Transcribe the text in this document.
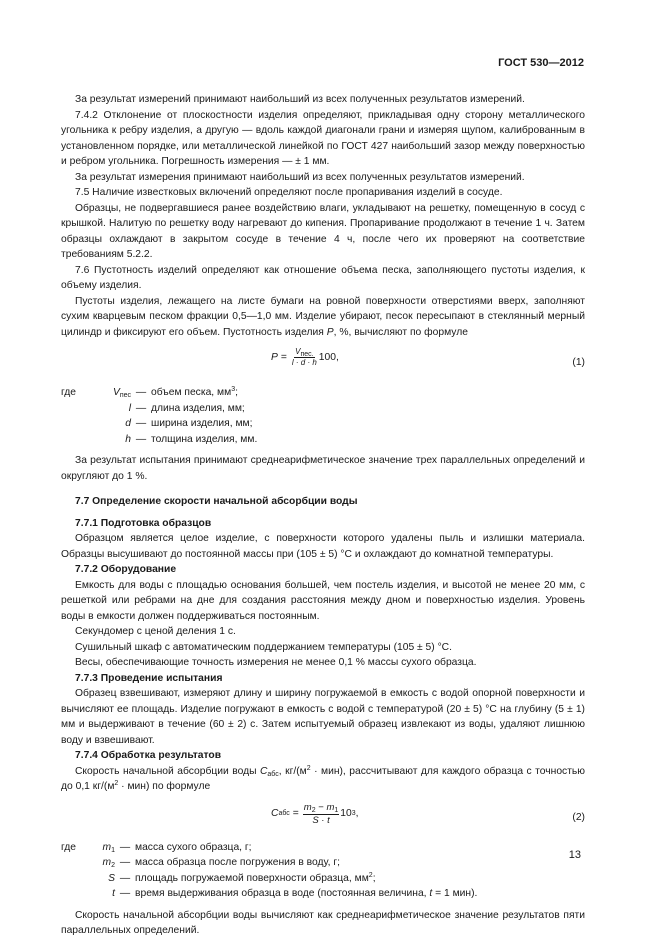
ГОСТ 530—2012

За результат измерений принимают наибольший из всех полученных результатов измерений.

7.4.2 Отклонение от плоскостности изделия определяют, прикладывая одну сторону металлического угольника к ребру изделия, а другую — вдоль каждой диагонали грани и измеряя щупом, калиброванным в установленном порядке, или металлической линейкой по ГОСТ 427 наибольший зазор между поверхностью и ребром угольника. Погрешность измерения — ± 1 мм.

За результат измерения принимают наибольший из всех полученных результатов измерений.

7.5 Наличие известковых включений определяют после пропаривания изделий в сосуде.

Образцы, не подвергавшиеся ранее воздействию влаги, укладывают на решетку, помещенную в сосуд с крышкой. Налитую по решетку воду нагревают до кипения. Пропаривание продолжают в течение 1 ч. Затем образцы охлаждают в закрытом сосуде в течение 4 ч, после чего их проверяют на соответствие требованиям 5.2.2.

7.6 Пустотность изделий определяют как отношение объема песка, заполняющего пустоты изделия, к объему изделия.

Пустоты изделия, лежащего на листе бумаги на ровной поверхности отверстиями вверх, заполняют сухим кварцевым песком фракции 0,5—1,0 мм. Изделие убирают, песок пересыпают в стеклянный мерный цилиндр и фиксируют его объем. Пустотность изделия P, %, вычисляют по формуле

$P = \frac{V_{пес.}}{l \cdot d \cdot h} 100$,	(1)
где	$V_{пес}$ — объем песка, $мм^3$;
l — длина изделия, мм;
d — ширина изделия, мм;
h — толщина изделия, мм.

За результат испытания принимают среднеарифметическое значение трех параллельных определений и округляют до 1 %.

7.7 Определение скорости начальной абсорбции воды

7.7.1 Подготовка образцов

Образцом является целое изделие, с поверхности которого удалены пыль и излишки материала. Образцы высушивают до постоянной массы при (105 ± 5) °С и охлаждают до комнатной температуры.

7.7.2 Оборудование

Емкость для воды с площадью основания большей, чем постель изделия, и высотой не менее 20 мм, с решеткой или ребрами на дне для создания расстояния между дном и поверхностью изделия. Уровень воды в емкости должен поддерживаться постоянным.

Секундомер с ценой деления 1 с.

Сушильный шкаф с автоматическим поддержанием температуры (105 ± 5) °С.

Весы, обеспечивающие точность измерения не менее 0,1 % массы сухого образца.

7.7.3 Проведение испытания

Образец взвешивают, измеряют длину и ширину погружаемой в емкость с водой опорной поверхности и вычисляют ее площадь. Изделие погружают в емкость с водой с температурой (20 ± 5) °С на глубину (5 ± 1) мм и выдерживают в течение (60 ± 2) с. Затем испытуемый образец извлекают из воды, удаляют лишнюю воду и взвешивают.

7.7.4 Обработка результатов

Скорость начальной абсорбции воды $С_{абс}$, $кг/(м^2 \cdot мин)$, рассчитывают для каждого образца с точностью до 0,1 $кг/(м^2 \cdot мин)$ по формуле

С абс = $\frac{m_2 - m_1}{S \cdot t} 10$ 3 ,	(2)
где	$m_1$ — масса сухого образца, г;
$m_2$ — масса образца после погружения в воду, г;
S — площадь погружаемой поверхности образца, $мм^2$;
t — время выдерживания образца в воде (постоянная величина, t = 1 мин).

Скорость начальной абсорбции воды вычисляют как среднеарифметическое значение результатов пяти параллельных определений.

13
